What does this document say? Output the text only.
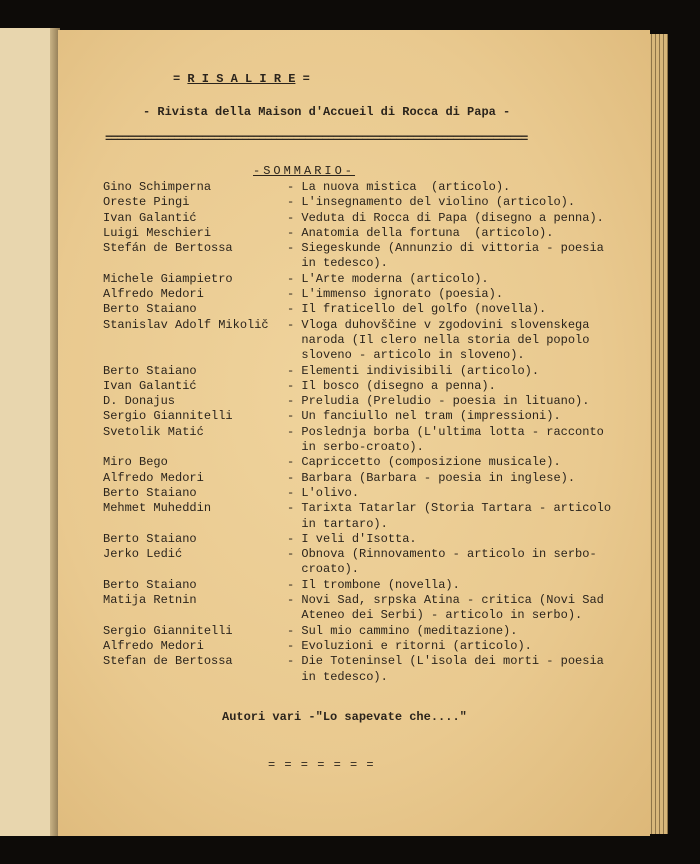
= R I S A L I R E =
- Rivista della Maison d'Accueil di Rocca di Papa -
==========================================================================
-SOMMARIO-
Gino Schimperna	- La nuova mistica  (articolo).
Oreste Pingi	- L'insegnamento del violino (articolo).
Ivan Galantić	- Veduta di Rocca di Papa (disegno a penna).
Luigi Meschieri	- Anatomia della fortuna  (articolo).
Stefán de Bertossa	- Siegeskunde (Annunzio di vittoria - poesia
in tedesco).
Michele Giampietro	- L'Arte moderna (articolo).
Alfredo Medori	- L'immenso ignorato (poesia).
Berto Staiano	- Il fraticello del golfo (novella).
Stanislav Adolf Mikolič	- Vloga duhovščine v zgodovini slovenskega
naroda (Il clero nella storia del popolo
sloveno - articolo in sloveno).
Berto Staiano	- Elementi indivisibili (articolo).
Ivan Galantić	- Il bosco (disegno a penna).
D. Donajus	- Preludia (Preludio - poesia in lituano).
Sergio Giannitelli	- Un fanciullo nel tram (impressioni).
Svetolik Matić	- Poslednja borba (L'ultima lotta - racconto
in serbo-croato).
Miro Bego	- Capriccetto (composizione musicale).
Alfredo Medori	- Barbara (Barbara - poesia in inglese).
Berto Staiano	- L'olivo.
Mehmet Muheddin	- Tarixta Tatarlar (Storia Tartara - articolo
in tartaro).
Berto Staiano	- I veli d'Isotta.
Jerko Ledić	- Obnova (Rinnovamento - articolo in serbo-
croato).
Berto Staiano	- Il trombone (novella).
Matija Retnin	- Novi Sad, srpska Atina - critica (Novi Sad
Ateneo dei Serbi) - articolo in serbo).
Sergio Giannitelli	- Sul mio cammino (meditazione).
Alfredo Medori	- Evoluzioni e ritorni (articolo).
Stefan de Bertossa	- Die Toteninsel (L'isola dei morti - poesia
in tedesco).
Autori vari -"Lo sapevate che...."
= = = = = = =
